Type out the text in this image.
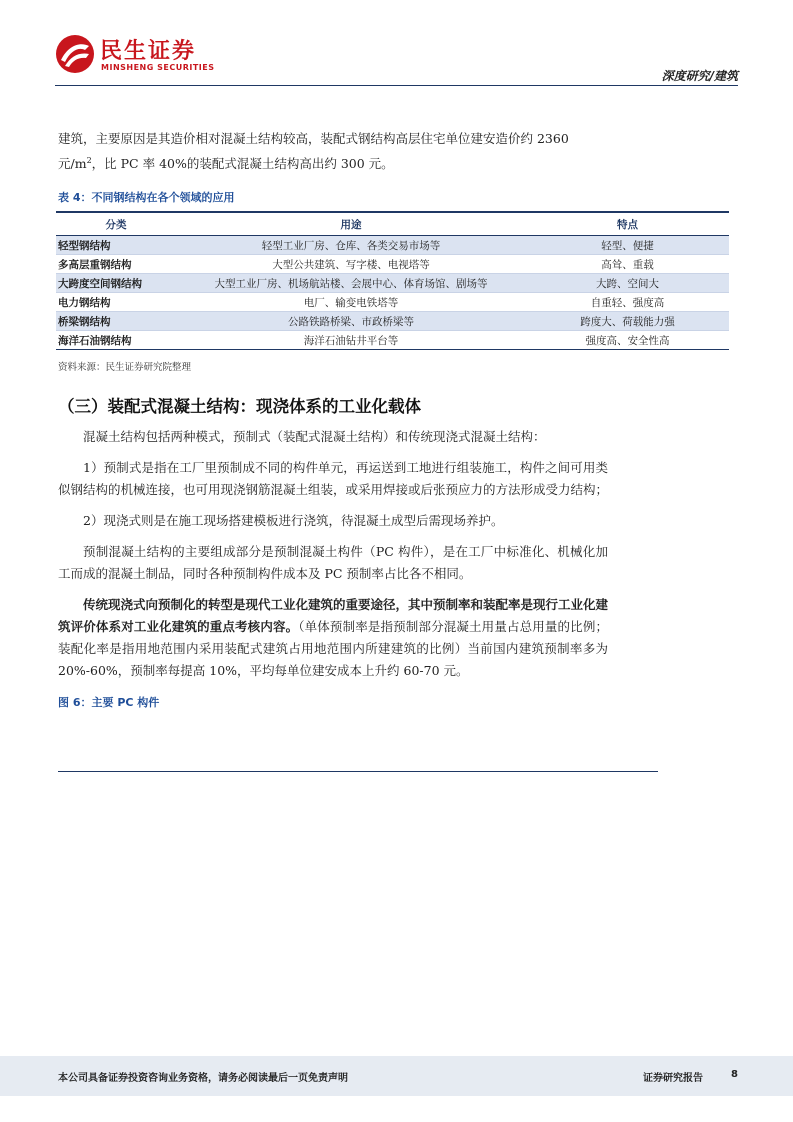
民生证券
MINSHENG SECURITIES
深度研究/建筑

建筑，主要原因是其造价相对混凝土结构较高，装配式钢结构高层住宅单位建安造价约 2360

元$/m^2$，比 PC 率 40%的装配式混凝土结构高出约 300 元。

表 4：不同钢结构在各个领域的应用

分类	用途	特点
轻型钢结构	轻型工业厂房、仓库、各类交易市场等	轻型、便捷
多高层重钢结构	大型公共建筑、写字楼、电视塔等	高耸、重载
大跨度空间钢结构	大型工业厂房、机场航站楼、会展中心、体育场馆、剧场等	大跨、空间大
电力钢结构	电厂、输变电铁塔等	自重轻、强度高
桥梁钢结构	公路铁路桥梁、市政桥梁等	跨度大、荷载能力强
海洋石油钢结构	海洋石油钻井平台等	强度高、安全性高

资料来源：民生证券研究院整理

（三）装配式混凝土结构：现浇体系的工业化载体

混凝土结构包括两种模式，预制式（装配式混凝土结构）和传统现浇式混凝土结构：

1）预制式是指在工厂里预制成不同的构件单元，再运送到工地进行组装施工，构件之间可用类似钢结构的机械连接，也可用现浇钢筋混凝土组装，或采用焊接或后张预应力的方法形成受力结构；

2）现浇式则是在施工现场搭建模板进行浇筑，待混凝土成型后需现场养护。

预制混凝土结构的主要组成部分是预制混凝土构件（PC 构件），是在工厂中标准化、机械化加工而成的混凝土制品，同时各种预制构件成本及 PC 预制率占比各不相同。

传统现浇式向预制化的转型是现代工业化建筑的重要途径，其中预制率和装配率是现行工业化建筑评价体系对工业化建筑的重点考核内容。（单体预制率是指预制部分混凝土用量占总用量的比例；装配化率是指用地范围内采用装配式建筑占用地范围内所建建筑的比例）当前国内建筑预制率多为 20%-60%，预制率每提高 10%，平均每单位建安成本上升约 60-70 元。

图 6：主要 PC 构件

本公司具备证券投资咨询业务资格，请务必阅读最后一页免责声明	证券研究报告	8
